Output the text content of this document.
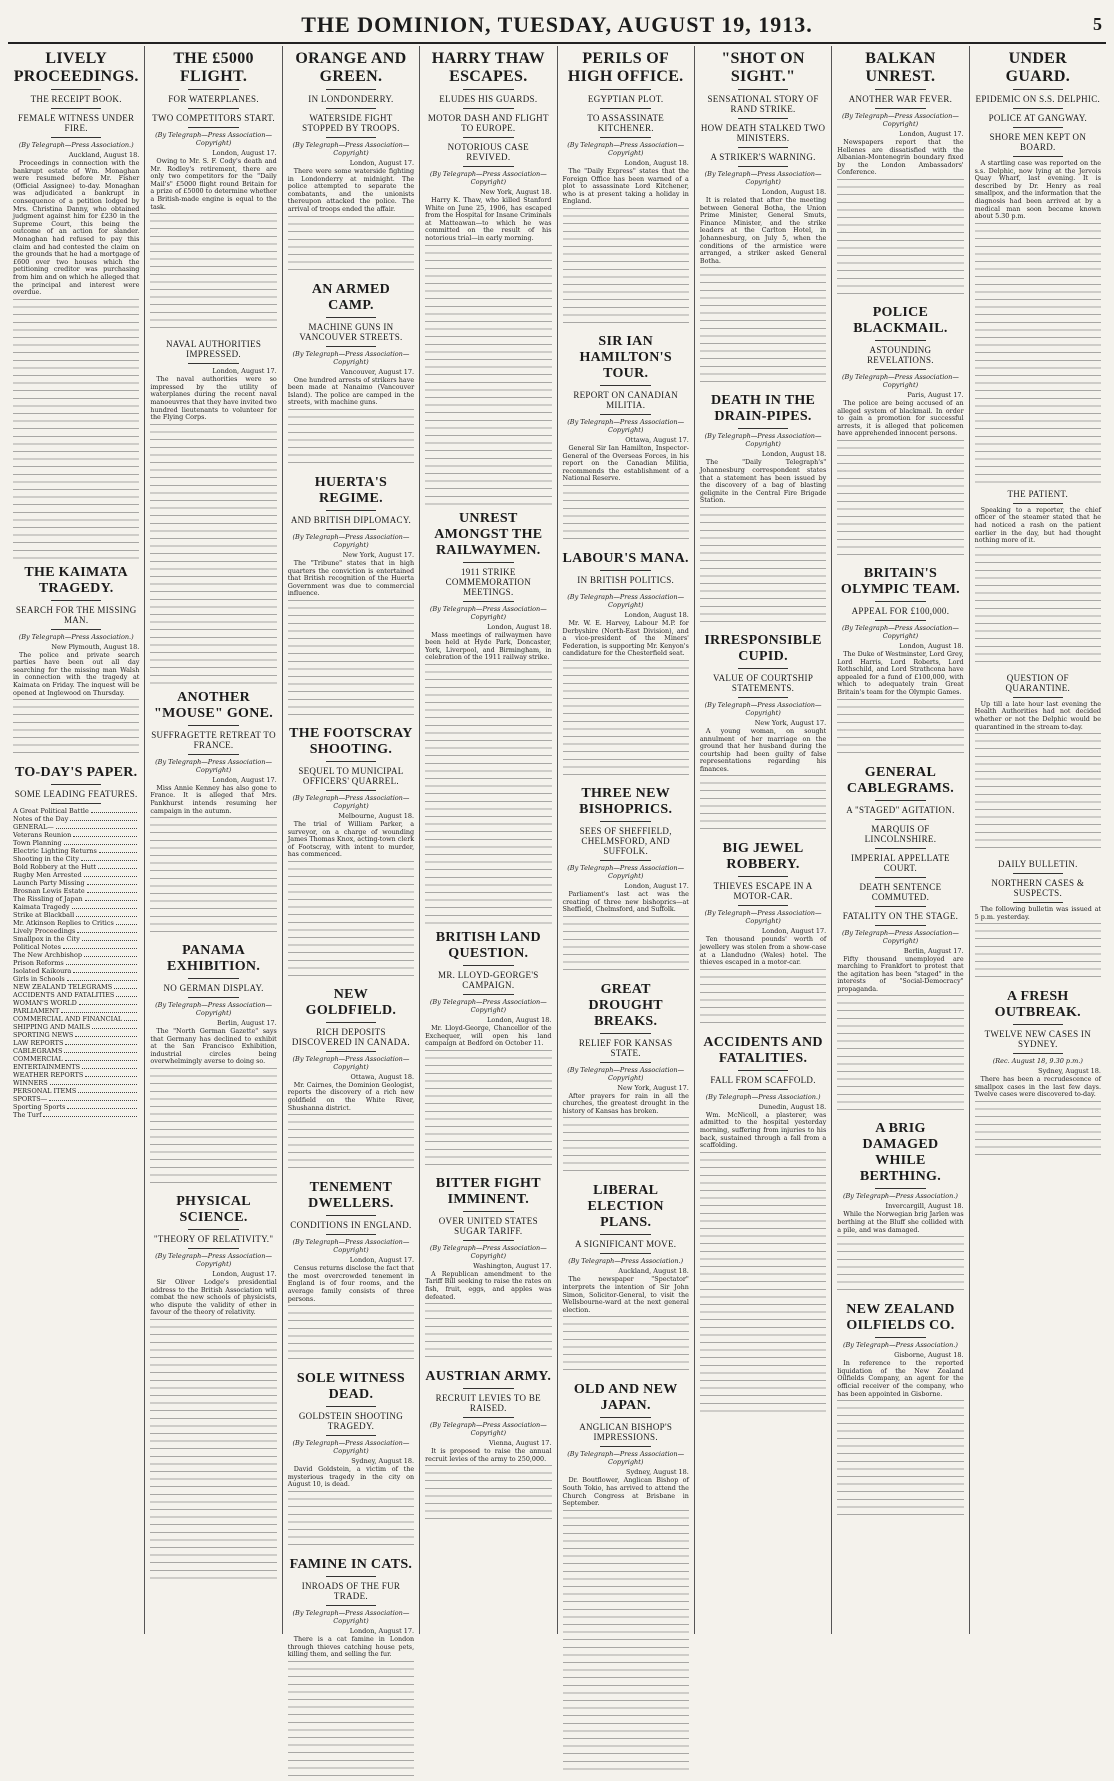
THE DOMINION, TUESDAY, AUGUST 19, 1913.	5
LIVELY PROCEEDINGS.
THE RECEIPT BOOK.
FEMALE WITNESS UNDER FIRE.
(By Telegraph—Press Association.)
Auckland, August 18.

Proceedings in connection with the bankrupt estate of Wm. Monaghan were resumed before Mr. Fisher (Official Assignee) to-day. Monaghan was adjudicated a bankrupt in consequence of a petition lodged by Mrs. Christina Danny, who obtained judgment against him for £230 in the Supreme Court, this being the outcome of an action for slander. Monaghan had refused to pay this claim and had contested the claim on the grounds that he had a mortgage of £600 over two houses which the petitioning creditor was purchasing from him and on which he alleged that the principal and interest were overdue.

THE KAIMATA TRAGEDY.
SEARCH FOR THE MISSING MAN.
(By Telegraph—Press Association.)
New Plymouth, August 18.

The police and private search parties have been out all day searching for the missing man Walsh in connection with the tragedy at Kaimata on Friday. The inquest will be opened at Inglewood on Thursday.

TO-DAY'S PAPER.
SOME LEADING FEATURES.
A Great Political Battle
Notes of the Day
GENERAL—
Veterans Reunion
Town Planning
Electric Lighting Returns
Shooting in the City
Bold Robbery at the Hutt
Rugby Men Arrested
Launch Party Missing
Brosnan Lewis Estate
The Rissling of Japan
Kaimata Tragedy
Strike at Blackball
Mr. Atkinson Replies to Critics
Lively Proceedings
Smallpox in the City
Political Notes
The New Archbishop
Prison Reforms
Isolated Kaikoura
Girls in Schools
NEW ZEALAND TELEGRAMS
ACCIDENTS AND FATALITIES
WOMAN'S WORLD
PARLIAMENT
COMMERCIAL AND FINANCIAL
SHIPPING AND MAILS
SPORTING NEWS
LAW REPORTS
CABLEGRAMS
COMMERCIAL
ENTERTAINMENTS
WEATHER REPORTS
WINNERS
PERSONAL ITEMS
SPORTS—
Sporting Sports
The Turf
THE £5000 FLIGHT.
FOR WATERPLANES.
TWO COMPETITORS START.
(By Telegraph—Press Association—Copyright)
London, August 17.

Owing to Mr. S. F. Cody's death and Mr. Rodley's retirement, there are only two competitors for the "Daily Mail's" £5000 flight round Britain for a prize of £5000 to determine whether a British-made engine is equal to the task.

NAVAL AUTHORITIES IMPRESSED.
London, August 17.

The naval authorities were so impressed by the utility of waterplanes during the recent naval manoeuvres that they have invited two hundred lieutenants to volunteer for the Flying Corps.

ANOTHER "MOUSE" GONE.
SUFFRAGETTE RETREAT TO FRANCE.
(By Telegraph—Press Association—Copyright)
London, August 17.

Miss Annie Kenney has also gone to France. It is alleged that Mrs. Pankhurst intends resuming her campaign in the autumn.

PANAMA EXHIBITION.
NO GERMAN DISPLAY.
(By Telegraph—Press Association—Copyright)
Berlin, August 17.

The "North German Gazette" says that Germany has declined to exhibit at the San Francisco Exhibition, industrial circles being overwhelmingly averse to doing so.

PHYSICAL SCIENCE.
"THEORY OF RELATIVITY."
(By Telegraph—Press Association—Copyright)
London, August 17.

Sir Oliver Lodge's presidential address to the British Association will combat the new schools of physicists, who dispute the validity of ether in favour of the theory of relativity.

ORANGE AND GREEN.
IN LONDONDERRY.
WATERSIDE FIGHT STOPPED BY TROOPS.
(By Telegraph—Press Association—Copyright)
London, August 17.

There were some waterside fighting in Londonderry at midnight. The police attempted to separate the combatants, and the unionists thereupon attacked the police. The arrival of troops ended the affair.

AN ARMED CAMP.
MACHINE GUNS IN VANCOUVER STREETS.
(By Telegraph—Press Association—Copyright)
Vancouver, August 17.

One hundred arrests of strikers have been made at Nanaimo (Vancouver Island). The police are camped in the streets, with machine guns.

HUERTA'S REGIME.
AND BRITISH DIPLOMACY.
(By Telegraph—Press Association—Copyright)
New York, August 17.

The "Tribune" states that in high quarters the conviction is entertained that British recognition of the Huerta Government was due to commercial influence.

THE FOOTSCRAY SHOOTING.
SEQUEL TO MUNICIPAL OFFICERS' QUARREL.
(By Telegraph—Press Association—Copyright)
Melbourne, August 18.

The trial of William Parker, a surveyor, on a charge of wounding James Thomas Knox, acting-town clerk of Footscray, with intent to murder, has commenced.

NEW GOLDFIELD.
RICH DEPOSITS DISCOVERED IN CANADA.
(By Telegraph—Press Association—Copyright)
Ottawa, August 18.

Mr. Cairnes, the Dominion Geologist, reports the discovery of a rich new goldfield on the White River, Shushanna district.

TENEMENT DWELLERS.
CONDITIONS IN ENGLAND.
(By Telegraph—Press Association—Copyright)
London, August 17.

Census returns disclose the fact that the most overcrowded tenement in England is of four rooms, and the average family consists of three persons.

SOLE WITNESS DEAD.
GOLDSTEIN SHOOTING TRAGEDY.
(By Telegraph—Press Association—Copyright)
Sydney, August 18.

David Goldstein, a victim of the mysterious tragedy in the city on August 10, is dead.

FAMINE IN CATS.
INROADS OF THE FUR TRADE.
(By Telegraph—Press Association—Copyright)
London, August 17.

There is a cat famine in London through thieves catching house pets, killing them, and selling the fur.

HARRY THAW ESCAPES.
ELUDES HIS GUARDS.
MOTOR DASH AND FLIGHT TO EUROPE.
NOTORIOUS CASE REVIVED.
(By Telegraph—Press Association—Copyright)
New York, August 18.

Harry K. Thaw, who killed Stanford White on June 25, 1906, has escaped from the Hospital for Insane Criminals at Matteawan—to which he was committed on the result of his notorious trial—in early morning.

UNREST AMONGST THE RAILWAYMEN.
1911 STRIKE COMMEMORATION MEETINGS.
(By Telegraph—Press Association—Copyright)
London, August 18.

Mass meetings of railwaymen have been held at Hyde Park, Doncaster, York, Liverpool, and Birmingham, in celebration of the 1911 railway strike.

BRITISH LAND QUESTION.
MR. LLOYD-GEORGE'S CAMPAIGN.
(By Telegraph—Press Association—Copyright)
London, August 18.

Mr. Lloyd-George, Chancellor of the Exchequer, will open his land campaign at Bedford on October 11.

BITTER FIGHT IMMINENT.
OVER UNITED STATES SUGAR TARIFF.
(By Telegraph—Press Association—Copyright)
Washington, August 17.

A Republican amendment to the Tariff Bill seeking to raise the rates on fish, fruit, eggs, and apples was defeated.

AUSTRIAN ARMY.
RECRUIT LEVIES TO BE RAISED.
(By Telegraph—Press Association—Copyright)
Vienna, August 17.

It is proposed to raise the annual recruit levies of the army to 250,000.

PERILS OF HIGH OFFICE.
EGYPTIAN PLOT.
TO ASSASSINATE KITCHENER.
(By Telegraph—Press Association—Copyright)
London, August 18.

The "Daily Express" states that the Foreign Office has been warned of a plot to assassinate Lord Kitchener, who is at present taking a holiday in England.

SIR IAN HAMILTON'S TOUR.
REPORT ON CANADIAN MILITIA.
(By Telegraph—Press Association—Copyright)
Ottawa, August 17.

General Sir Ian Hamilton, Inspector-General of the Overseas Forces, in his report on the Canadian Militia, recommends the establishment of a National Reserve.

LABOUR'S MANA.
IN BRITISH POLITICS.
(By Telegraph—Press Association—Copyright)
London, August 18.

Mr. W. E. Harvey, Labour M.P. for Derbyshire (North-East Division), and a vice-president of the Miners' Federation, is supporting Mr. Kenyon's candidature for the Chesterfield seat.

THREE NEW BISHOPRICS.
SEES OF SHEFFIELD, CHELMSFORD, AND SUFFOLK.
(By Telegraph—Press Association—Copyright)
London, August 17.

Parliament's last act was the creating of three new bishoprics—at Sheffield, Chelmsford, and Suffolk.

GREAT DROUGHT BREAKS.
RELIEF FOR KANSAS STATE.
(By Telegraph—Press Association—Copyright)
New York, August 17.

After prayers for rain in all the churches, the greatest drought in the history of Kansas has broken.

LIBERAL ELECTION PLANS.
A SIGNIFICANT MOVE.
(By Telegraph—Press Association.)
Auckland, August 18.

The newspaper "Spectator" interprets the intention of Sir John Simon, Solicitor-General, to visit the Wellsbourne-ward at the next general election.

OLD AND NEW JAPAN.
ANGLICAN BISHOP'S IMPRESSIONS.
(By Telegraph—Press Association—Copyright)
Sydney, August 18.

Dr. Boutflower, Anglican Bishop of South Tokio, has arrived to attend the Church Congress at Brisbane in September.

"SHOT ON SIGHT."
SENSATIONAL STORY OF RAND STRIKE.
HOW DEATH STALKED TWO MINISTERS.
A STRIKER'S WARNING.
(By Telegraph—Press Association—Copyright)
London, August 18.

It is related that after the meeting between General Botha, the Union Prime Minister, General Smuts, Finance Minister, and the strike leaders at the Carlton Hotel, in Johannesburg, on July 5, when the conditions of the armistice were arranged, a striker asked General Botha.

DEATH IN THE DRAIN-PIPES.
(By Telegraph—Press Association—Copyright)
London, August 18.

The "Daily Telegraph's" Johannesburg correspondent states that a statement has been issued by the discovery of a bag of blasting gelignite in the Central Fire Brigade Station.

IRRESPONSIBLE CUPID.
VALUE OF COURTSHIP STATEMENTS.
(By Telegraph—Press Association—Copyright)
New York, August 17.

A young woman, on sought annulment of her marriage on the ground that her husband during the courtship had been guilty of false representations regarding his finances.

BIG JEWEL ROBBERY.
THIEVES ESCAPE IN A MOTOR-CAR.
(By Telegraph—Press Association—Copyright)
London, August 17.

Ten thousand pounds' worth of jewellery was stolen from a show-case at a Llandudno (Wales) hotel. The thieves escaped in a motor-car.

ACCIDENTS AND FATALITIES.
FALL FROM SCAFFOLD.
(By Telegraph—Press Association.)
Dunedin, August 18.

Wm. McNicoll, a plasterer, was admitted to the hospital yesterday morning, suffering from injuries to his back, sustained through a fall from a scaffolding.

BALKAN UNREST.
ANOTHER WAR FEVER.
(By Telegraph—Press Association—Copyright)
London, August 17.

Newspapers report that the Hellenes are dissatisfied with the Albanian-Montenegrin boundary fixed by the London Ambassadors' Conference.

POLICE BLACKMAIL.
ASTOUNDING REVELATIONS.
(By Telegraph—Press Association—Copyright)
Paris, August 17.

The police are being accused of an alleged system of blackmail. In order to gain a promotion for successful arrests, it is alleged that policemen have apprehended innocent persons.

BRITAIN'S OLYMPIC TEAM.
APPEAL FOR £100,000.
(By Telegraph—Press Association—Copyright)
London, August 18.

The Duke of Westminster, Lord Grey, Lord Harris, Lord Roberts, Lord Rothschild, and Lord Strathcona have appealed for a fund of £100,000, with which to adequately train Great Britain's team for the Olympic Games.

GENERAL CABLEGRAMS.
A "STAGED" AGITATION.
MARQUIS OF LINCOLNSHIRE.
IMPERIAL APPELLATE COURT.
DEATH SENTENCE COMMUTED.
FATALITY ON THE STAGE.
(By Telegraph—Press Association—Copyright)
Berlin, August 17.

Fifty thousand unemployed are marching to Frankfort to protest that the agitation has been "staged" in the interests of "Social-Democracy" propaganda.

A BRIG DAMAGED WHILE BERTHING.
(By Telegraph—Press Association.)
Invercargill, August 18.

While the Norwegian brig Jarlen was berthing at the Bluff she collided with a pile, and was damaged.

NEW ZEALAND OILFIELDS CO.
(By Telegraph—Press Association.)
Gisborne, August 18.

In reference to the reported liquidation of the New Zealand Oilfields Company, an agent for the official receiver of the company, who has been appointed in Gisborne.

UNDER GUARD.
EPIDEMIC ON S.S. DELPHIC.
POLICE AT GANGWAY.
SHORE MEN KEPT ON BOARD.

A startling case was reported on the s.s. Delphic, now lying at the Jervois Quay Wharf, last evening. It is described by Dr. Henry as real smallpox, and the information that the diagnosis had been arrived at by a medical man soon became known about 5.30 p.m.

THE PATIENT.

Speaking to a reporter, the chief officer of the steamer stated that he had noticed a rash on the patient earlier in the day, but had thought nothing more of it.

QUESTION OF QUARANTINE.

Up till a late hour last evening the Health Authorities had not decided whether or not the Delphic would be quarantined in the stream to-day.

DAILY BULLETIN.
NORTHERN CASES & SUSPECTS.

The following bulletin was issued at 5 p.m. yesterday.

A FRESH OUTBREAK.
TWELVE NEW CASES IN SYDNEY.
(Rec. August 18, 9.30 p.m.)
Sydney, August 18.

There has been a recrudescence of smallpox cases in the last few days. Twelve cases were discovered to-day.
